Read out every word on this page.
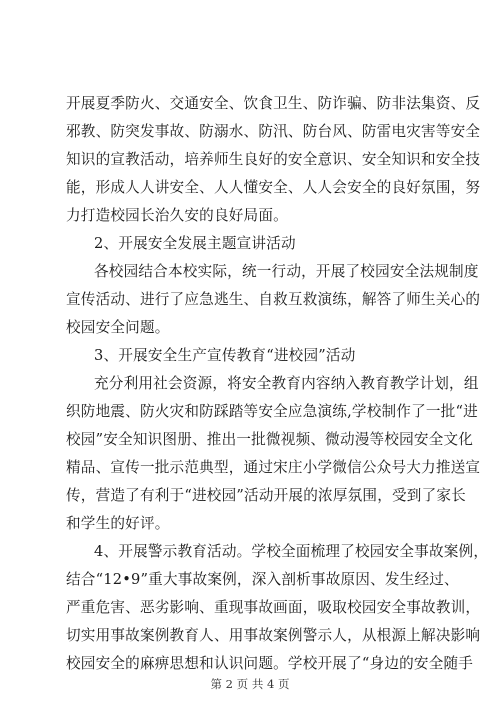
开展夏季防火、交通安全、饮食卫生、防诈骗、防非法集资、反
邪教、防突发事故、防溺水、防汛、防台风、防雷电灾害等安全
知识的宣教活动，培养师生良好的安全意识、安全知识和安全技
能，形成人人讲安全、人人懂安全、人人会安全的良好氛围，努
力打造校园长治久安的良好局面。
2、开展安全发展主题宣讲活动
各校园结合本校实际，统一行动，开展了校园安全法规制度
宣传活动、进行了应急逃生、自救互救演练，解答了师生关心的
校园安全问题。
3、开展安全生产宣传教育“进校园”活动
充分利用社会资源，将安全教育内容纳入教育教学计划，组
织防地震、防火灾和防踩踏等安全应急演练,学校制作了一批“进
校园”安全知识图册、推出一批微视频、微动漫等校园安全文化
精品、宣传一批示范典型，通过宋庄小学微信公众号大力推送宣
传，营造了有利于“进校园”活动开展的浓厚氛围，受到了家长
和学生的好评。
4、开展警示教育活动。学校全面梳理了校园安全事故案例，
结合“12•9”重大事故案例，深入剖析事故原因、发生经过、
严重危害、恶劣影响、重现事故画面，吸取校园安全事故教训，
切实用事故案例教育人、用事故案例警示人，从根源上解决影响
校园安全的麻痹思想和认识问题。学校开展了“身边的安全随手
第 2 页 共 4 页
